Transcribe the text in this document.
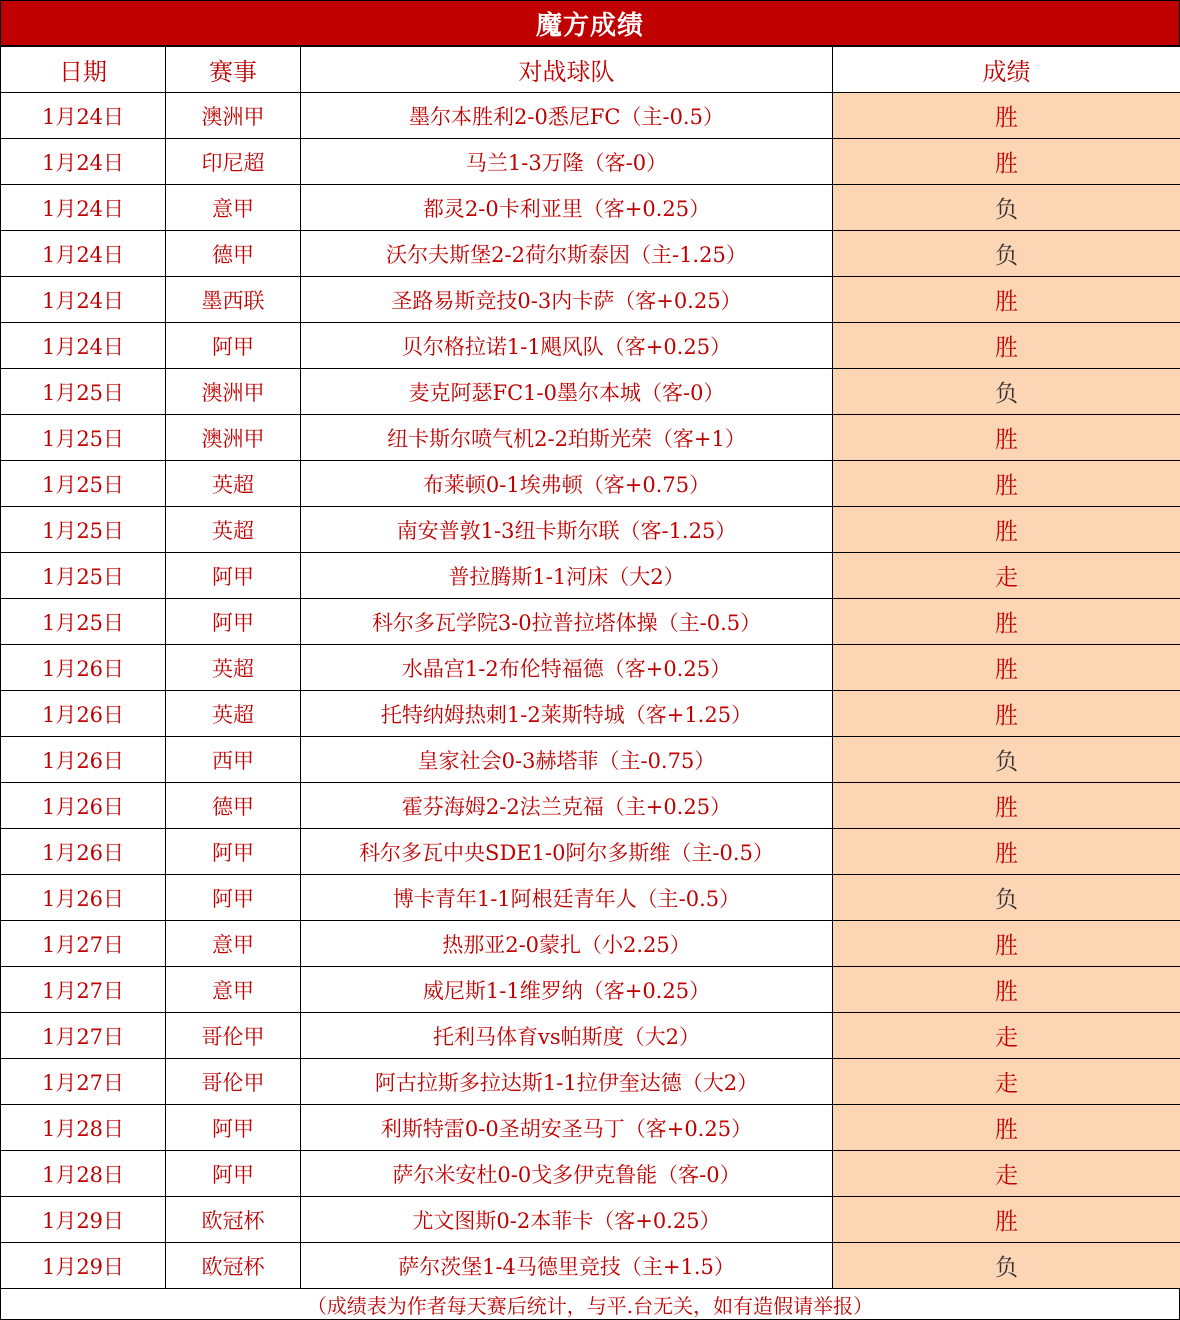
魔方成绩
日期	赛事	对战球队	成绩
1月24日	澳洲甲	墨尔本胜利2-0悉尼FC（主-0.5）	胜
1月24日	印尼超	马兰1-3万隆（客-0）	胜
1月24日	意甲	都灵2-0卡利亚里（客+0.25）	负
1月24日	德甲	沃尔夫斯堡2-2荷尔斯泰因（主-1.25）	负
1月24日	墨西联	圣路易斯竞技0-3内卡萨（客+0.25）	胜
1月24日	阿甲	贝尔格拉诺1-1飓风队（客+0.25）	胜
1月25日	澳洲甲	麦克阿瑟FC1-0墨尔本城（客-0）	负
1月25日	澳洲甲	纽卡斯尔喷气机2-2珀斯光荣（客+1）	胜
1月25日	英超	布莱顿0-1埃弗顿（客+0.75）	胜
1月25日	英超	南安普敦1-3纽卡斯尔联（客-1.25）	胜
1月25日	阿甲	普拉腾斯1-1河床（大2）	走
1月25日	阿甲	科尔多瓦学院3-0拉普拉塔体操（主-0.5）	胜
1月26日	英超	水晶宫1-2布伦特福德（客+0.25）	胜
1月26日	英超	托特纳姆热刺1-2莱斯特城（客+1.25）	胜
1月26日	西甲	皇家社会0-3赫塔菲（主-0.75）	负
1月26日	德甲	霍芬海姆2-2法兰克福（主+0.25）	胜
1月26日	阿甲	科尔多瓦中央SDE1-0阿尔多斯维（主-0.5）	胜
1月26日	阿甲	博卡青年1-1阿根廷青年人（主-0.5）	负
1月27日	意甲	热那亚2-0蒙扎（小2.25）	胜
1月27日	意甲	威尼斯1-1维罗纳（客+0.25）	胜
1月27日	哥伦甲	托利马体育vs帕斯度（大2）	走
1月27日	哥伦甲	阿古拉斯多拉达斯1-1拉伊奎达德（大2）	走
1月28日	阿甲	利斯特雷0-0圣胡安圣马丁（客+0.25）	胜
1月28日	阿甲	萨尔米安杜0-0戈多伊克鲁能（客-0）	走
1月29日	欧冠杯	尤文图斯0-2本菲卡（客+0.25）	胜
1月29日	欧冠杯	萨尔茨堡1-4马德里竞技（主+1.5）	负
（成绩表为作者每天赛后统计，与平.台无关，如有造假请举报）
